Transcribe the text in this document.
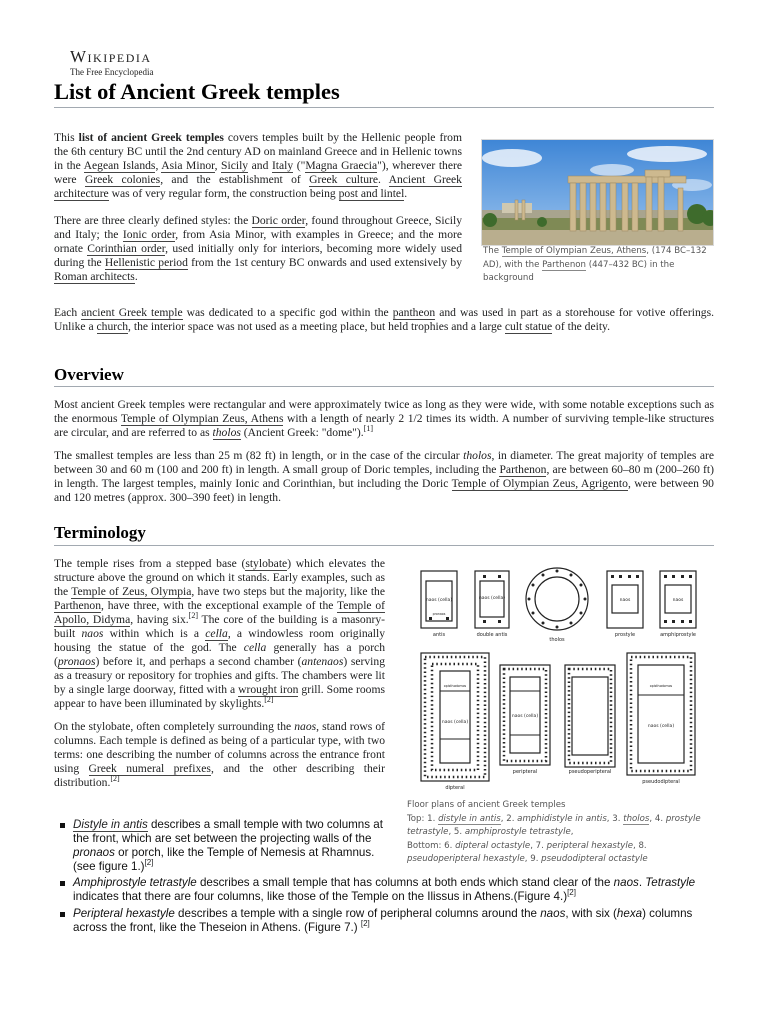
Wikipedia
The Free Encyclopedia
List of Ancient Greek temples

This list of ancient Greek temples covers temples built by the Hellenic people from the 6th century BC until the 2nd century AD on mainland Greece and in Hellenic towns in the Aegean Islands, Asia Minor, Sicily and Italy ("Magna Graecia"), wherever there were Greek colonies, and the establishment of Greek culture. Ancient Greek architecture was of very regular form, the construction being post and lintel.

There are three clearly defined styles: the Doric order, found throughout Greece, Sicily and Italy; the Ionic order, from Asia Minor, with examples in Greece; and the more ornate Corinthian order, used initially only for interiors, becoming more widely used during the Hellenistic period from the 1st century BC onwards and used extensively by Roman architects.

Each ancient Greek temple was dedicated to a specific god within the pantheon and was used in part as a storehouse for votive offerings. Unlike a church, the interior space was not used as a meeting place, but held trophies and a large cult statue of the deity.

The Temple of Olympian Zeus, Athens, (174 BC–132 AD), with the Parthenon (447–432 BC) in the background
Overview

Most ancient Greek temples were rectangular and were approximately twice as long as they were wide, with some notable exceptions such as the enormous Temple of Olympian Zeus, Athens with a length of nearly 2 1/2 times its width. A number of surviving temple-like structures are circular, and are referred to as tholos (Ancient Greek: "dome").[1]

The smallest temples are less than 25 m (82 ft) in length, or in the case of the circular tholos, in diameter. The great majority of temples are between 30 and 60 m (100 and 200 ft) in length. A small group of Doric temples, including the Parthenon, are between 60–80 m (200–260 ft) in length. The largest temples, mainly Ionic and Corinthian, but including the Doric Temple of Olympian Zeus, Agrigento, were between 90 and 120 metres (approx. 300–390 feet) in length.

Terminology

The temple rises from a stepped base (stylobate) which elevates the structure above the ground on which it stands. Early examples, such as the Temple of Zeus, Olympia, have two steps but the majority, like the Parthenon, have three, with the exceptional example of the Temple of Apollo, Didyma, having six.[2] The core of the building is a masonry-built naos within which is a cella, a windowless room originally housing the statue of the god. The cella generally has a porch (pronaos) before it, and perhaps a second chamber (antenaos) serving as a treasury or repository for trophies and gifts. The chambers were lit by a single large doorway, fitted with a wrought iron grill. Some rooms appear to have been illuminated by skylights.[2]

On the stylobate, often completely surrounding the naos, stand rows of columns. Each temple is defined as being of a particular type, with two terms: one describing the number of columns across the entrance front using Greek numeral prefixes, and the other describing their distribution.[2]

naos (cella)	naos (cella)	naos	naos
naos (cella)
naos (cella)
naos (cella)
pronaos
opisthodomos	opisthodomos
antis	double antis
tholos
prostyle	amphiprostyle
dipteral
peripteral	pseudoperipteral
pseudodipteral
Floor plans of ancient Greek temples
Top: 1. distyle in antis, 2. amphidistyle in antis, 3. tholos, 4. prostyle tetrastyle, 5. amphiprostyle tetrastyle,
Bottom: 6. dipteral octastyle, 7. peripteral hexastyle, 8. pseudoperipteral hexastyle, 9. pseudodipteral octastyle
Distyle in antis describes a small temple with two columns at the front, which are set between the projecting walls of the pronaos or porch, like the Temple of Nemesis at Rhamnus.(see figure 1.)[2]
Amphiprostyle tetrastyle describes a small temple that has columns at both ends which stand clear of the naos. Tetrastyle indicates that there are four columns, like those of the Temple on the Ilissus in Athens.(Figure 4.)[2]
Peripteral hexastyle describes a temple with a single row of peripheral columns around the naos, with six (hexa) columns across the front, like the Theseion in Athens. (Figure 7.) [2]
